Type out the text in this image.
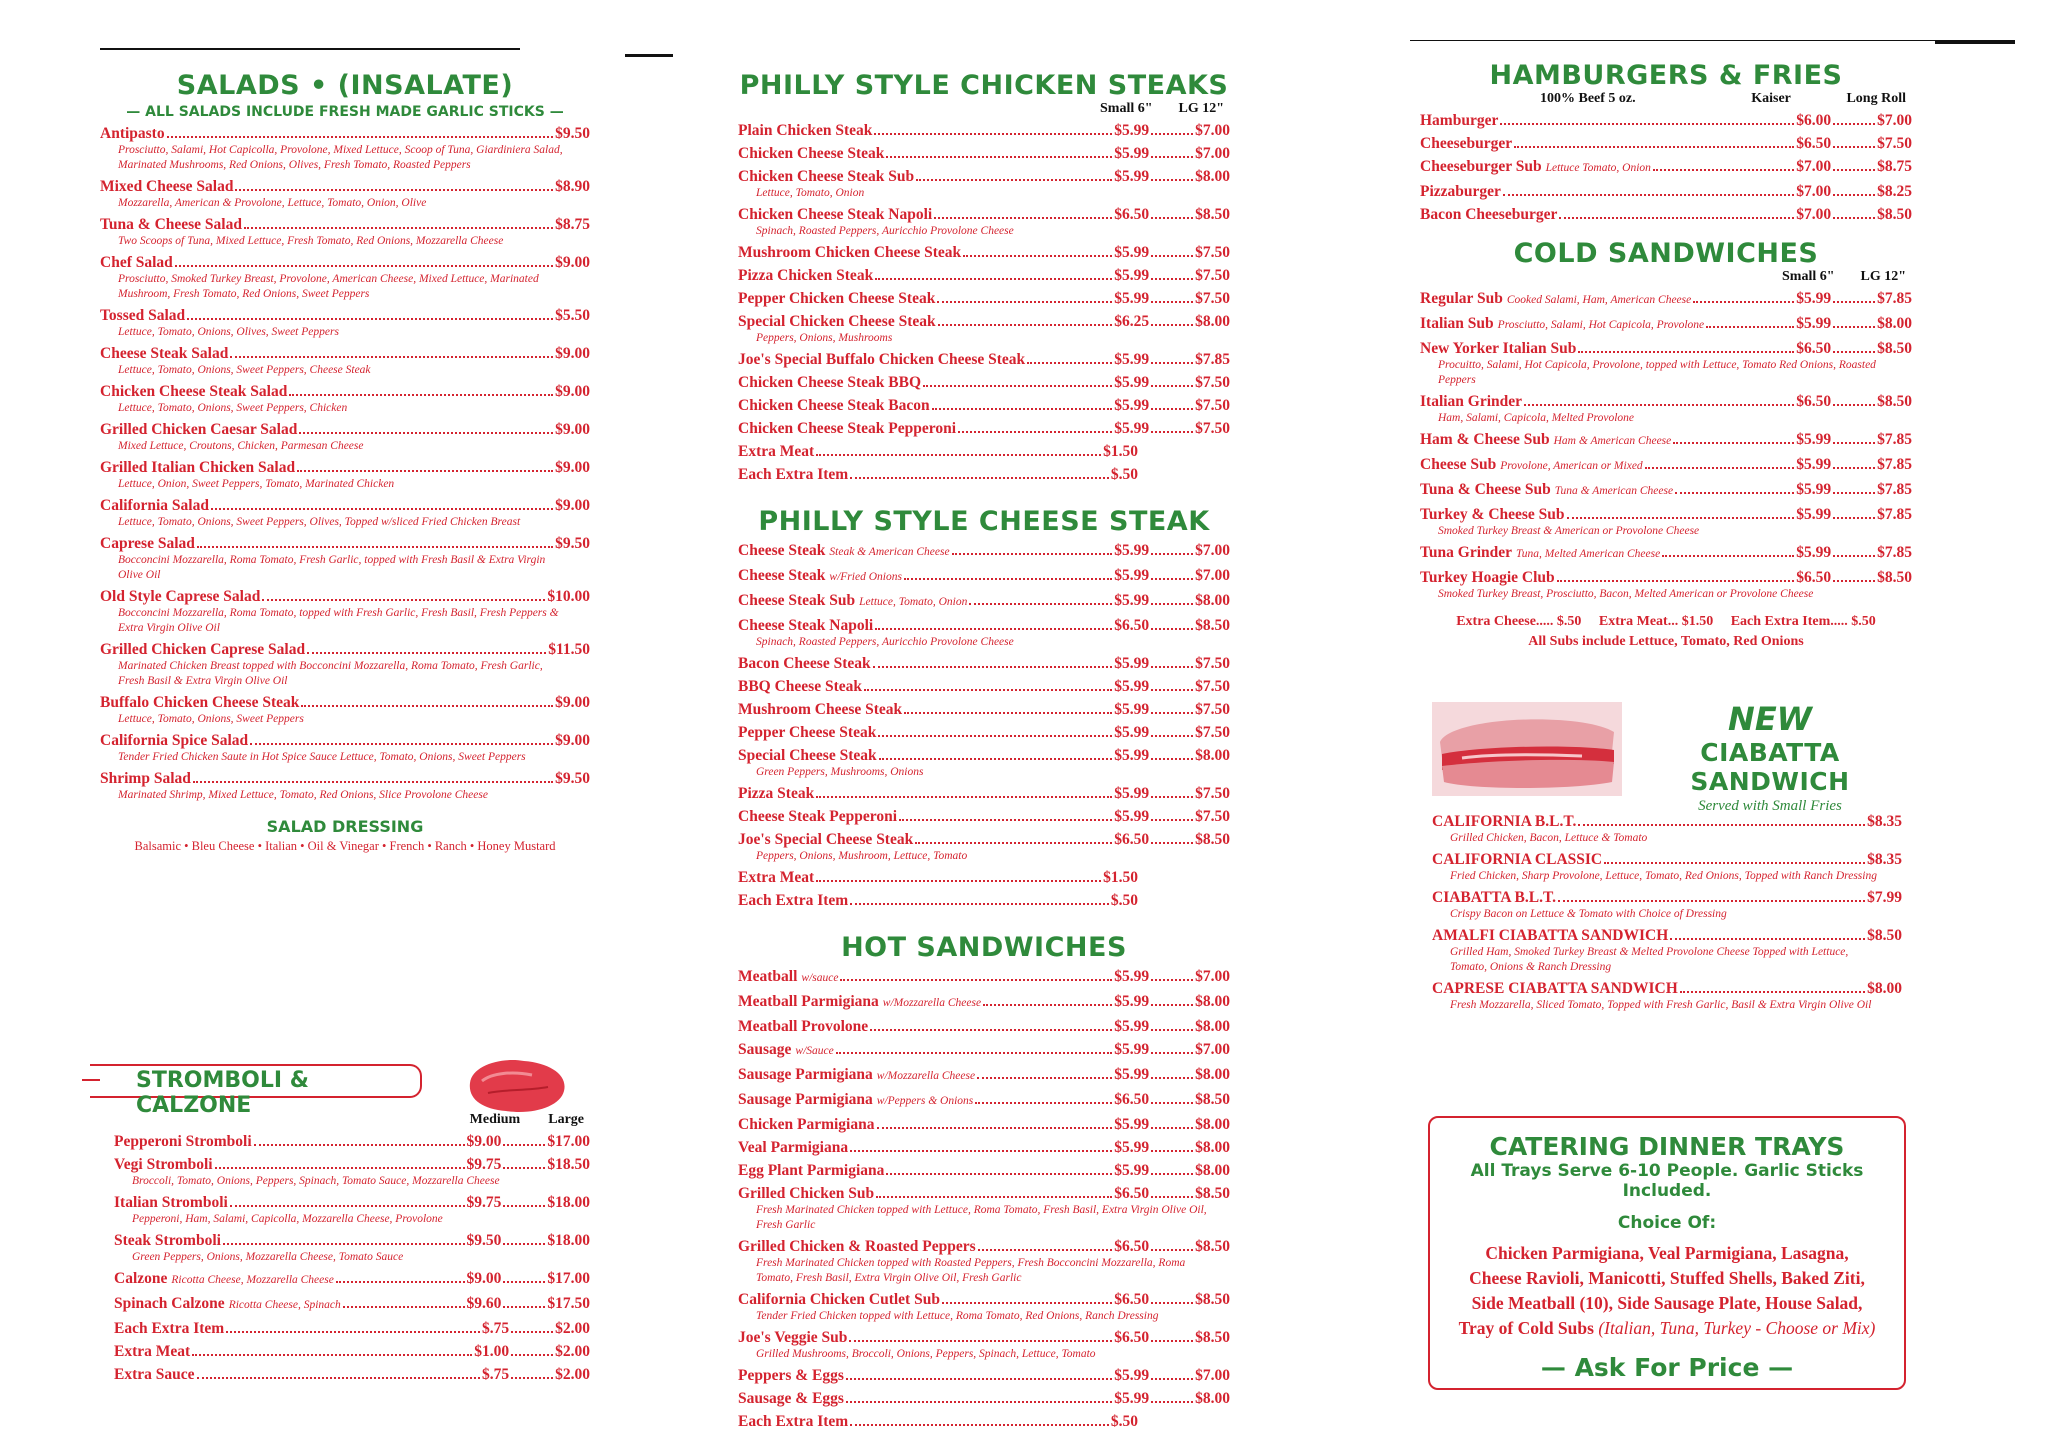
SALADS • (INSALATE)
— ALL SALADS INCLUDE FRESH MADE GARLIC STICKS —
Antipasto	$9.50
Prosciutto, Salami, Hot Capicolla, Provolone, Mixed Lettuce, Scoop of Tuna, Giardiniera Salad, Marinated Mushrooms, Red Onions, Olives, Fresh Tomato, Roasted Peppers
Mixed Cheese Salad	$8.90
Mozzarella, American & Provolone, Lettuce, Tomato, Onion, Olive
Tuna & Cheese Salad	$8.75
Two Scoops of Tuna, Mixed Lettuce, Fresh Tomato, Red Onions, Mozzarella Cheese
Chef Salad	$9.00
Prosciutto, Smoked Turkey Breast, Provolone, American Cheese, Mixed Lettuce, Marinated Mushroom, Fresh Tomato, Red Onions, Sweet Peppers
Tossed Salad	$5.50
Lettuce, Tomato, Onions, Olives, Sweet Peppers
Cheese Steak Salad	$9.00
Lettuce, Tomato, Onions, Sweet Peppers, Cheese Steak
Chicken Cheese Steak Salad	$9.00
Lettuce, Tomato, Onions, Sweet Peppers, Chicken
Grilled Chicken Caesar Salad	$9.00
Mixed Lettuce, Croutons, Chicken, Parmesan Cheese
Grilled Italian Chicken Salad	$9.00
Lettuce, Onion, Sweet Peppers, Tomato, Marinated Chicken
California Salad	$9.00
Lettuce, Tomato, Onions, Sweet Peppers, Olives, Topped w/sliced Fried Chicken Breast
Caprese Salad	$9.50
Bocconcini Mozzarella, Roma Tomato, Fresh Garlic, topped with Fresh Basil & Extra Virgin Olive Oil
Old Style Caprese Salad	$10.00
Bocconcini Mozzarella, Roma Tomato, topped with Fresh Garlic, Fresh Basil, Fresh Peppers & Extra Virgin Olive Oil
Grilled Chicken Caprese Salad	$11.50
Marinated Chicken Breast topped with Bocconcini Mozzarella, Roma Tomato, Fresh Garlic, Fresh Basil & Extra Virgin Olive Oil
Buffalo Chicken Cheese Steak	$9.00
Lettuce, Tomato, Onions, Sweet Peppers
California Spice Salad	$9.00
Tender Fried Chicken Saute in Hot Spice Sauce Lettuce, Tomato, Onions, Sweet Peppers
Shrimp Salad	$9.50
Marinated Shrimp, Mixed Lettuce, Tomato, Red Onions, Slice Provolone Cheese
SALAD DRESSING
Balsamic • Bleu Cheese • Italian • Oil & Vinegar • French • Ranch • Honey Mustard
STROMBOLI & CALZONE
Medium Large
Pepperoni Stromboli	$9.00	$17.00
Vegi Stromboli	$9.75	$18.50
Broccoli, Tomato, Onions, Peppers, Spinach, Tomato Sauce, Mozzarella Cheese
Italian Stromboli	$9.75	$18.00
Pepperoni, Ham, Salami, Capicolla, Mozzarella Cheese, Provolone
Steak Stromboli	$9.50	$18.00
Green Peppers, Onions, Mozzarella Cheese, Tomato Sauce
Calzone Ricotta Cheese, Mozzarella Cheese	$9.00	$17.00
Spinach Calzone Ricotta Cheese, Spinach	$9.60	$17.50
Each Extra Item	$.75	$2.00
Extra Meat	$1.00	$2.00
Extra Sauce	$.75	$2.00
PHILLY STYLE CHICKEN STEAKS
Small 6" LG 12"
Plain Chicken Steak	$5.99	$7.00
Chicken Cheese Steak	$5.99	$7.00
Chicken Cheese Steak Sub	$5.99	$8.00
Lettuce, Tomato, Onion
Chicken Cheese Steak Napoli	$6.50	$8.50
Spinach, Roasted Peppers, Auricchio Provolone Cheese
Mushroom Chicken Cheese Steak	$5.99	$7.50
Pizza Chicken Steak	$5.99	$7.50
Pepper Chicken Cheese Steak	$5.99	$7.50
Special Chicken Cheese Steak	$6.25	$8.00
Peppers, Onions, Mushrooms
Joe's Special Buffalo Chicken Cheese Steak	$5.99	$7.85
Chicken Cheese Steak BBQ	$5.99	$7.50
Chicken Cheese Steak Bacon	$5.99	$7.50
Chicken Cheese Steak Pepperoni	$5.99	$7.50
Extra Meat	$1.50
Each Extra Item	$.50
PHILLY STYLE CHEESE STEAK
Cheese Steak Steak & American Cheese	$5.99	$7.00
Cheese Steak w/Fried Onions	$5.99	$7.00
Cheese Steak Sub Lettuce, Tomato, Onion	$5.99	$8.00
Cheese Steak Napoli	$6.50	$8.50
Spinach, Roasted Peppers, Auricchio Provolone Cheese
Bacon Cheese Steak	$5.99	$7.50
BBQ Cheese Steak	$5.99	$7.50
Mushroom Cheese Steak	$5.99	$7.50
Pepper Cheese Steak	$5.99	$7.50
Special Cheese Steak	$5.99	$8.00
Green Peppers, Mushrooms, Onions
Pizza Steak	$5.99	$7.50
Cheese Steak Pepperoni	$5.99	$7.50
Joe's Special Cheese Steak	$6.50	$8.50
Peppers, Onions, Mushroom, Lettuce, Tomato
Extra Meat	$1.50
Each Extra Item	$.50
HOT SANDWICHES
Meatball w/sauce	$5.99	$7.00
Meatball Parmigiana w/Mozzarella Cheese	$5.99	$8.00
Meatball Provolone	$5.99	$8.00
Sausage w/Sauce	$5.99	$7.00
Sausage Parmigiana w/Mozzarella Cheese	$5.99	$8.00
Sausage Parmigiana w/Peppers & Onions	$6.50	$8.50
Chicken Parmigiana	$5.99	$8.00
Veal Parmigiana	$5.99	$8.00
Egg Plant Parmigiana	$5.99	$8.00
Grilled Chicken Sub	$6.50	$8.50
Fresh Marinated Chicken topped with Lettuce, Roma Tomato, Fresh Basil, Extra Virgin Olive Oil, Fresh Garlic
Grilled Chicken & Roasted Peppers	$6.50	$8.50
Fresh Marinated Chicken topped with Roasted Peppers, Fresh Bocconcini Mozzarella, Roma Tomato, Fresh Basil, Extra Virgin Olive Oil, Fresh Garlic
California Chicken Cutlet Sub	$6.50	$8.50
Tender Fried Chicken topped with Lettuce, Roma Tomato, Red Onions, Ranch Dressing
Joe's Veggie Sub	$6.50	$8.50
Grilled Mushrooms, Broccoli, Onions, Peppers, Spinach, Lettuce, Tomato
Peppers & Eggs	$5.99	$7.00
Sausage & Eggs	$5.99	$8.00
Each Extra Item	$.50
HAMBURGERS & FRIES
100% Beef 5 oz.	Kaiser	Long Roll
Hamburger	$6.00	$7.00
Cheeseburger	$6.50	$7.50
Cheeseburger Sub Lettuce Tomato, Onion	$7.00	$8.75
Pizzaburger	$7.00	$8.25
Bacon Cheeseburger	$7.00	$8.50
COLD SANDWICHES
Small 6" LG 12"
Regular Sub Cooked Salami, Ham, American Cheese	$5.99	$7.85
Italian Sub Prosciutto, Salami, Hot Capicola, Provolone	$5.99	$8.00
New Yorker Italian Sub	$6.50	$8.50
Procuitto, Salami, Hot Capicola, Provolone, topped with Lettuce, Tomato Red Onions, Roasted Peppers
Italian Grinder	$6.50	$8.50
Ham, Salami, Capicola, Melted Provolone
Ham & Cheese Sub Ham & American Cheese	$5.99	$7.85
Cheese Sub Provolone, American or Mixed	$5.99	$7.85
Tuna & Cheese Sub Tuna & American Cheese	$5.99	$7.85
Turkey & Cheese Sub	$5.99	$7.85
Smoked Turkey Breast & American or Provolone Cheese
Tuna Grinder Tuna, Melted American Cheese	$5.99	$7.85
Turkey Hoagie Club	$6.50	$8.50
Smoked Turkey Breast, Prosciutto, Bacon, Melted American or Provolone Cheese
Extra Cheese..... $.50     Extra Meat... $1.50     Each Extra Item..... $.50
All Subs include Lettuce, Tomato, Red Onions
NEW
CIABATTA SANDWICH
Served with Small Fries
CALIFORNIA B.L.T.	$8.35
Grilled Chicken, Bacon, Lettuce & Tomato
CALIFORNIA CLASSIC	$8.35
Fried Chicken, Sharp Provolone, Lettuce, Tomato, Red Onions, Topped with Ranch Dressing
CIABATTA B.L.T.	$7.99
Crispy Bacon on Lettuce & Tomato with Choice of Dressing
AMALFI CIABATTA SANDWICH	$8.50
Grilled Ham, Smoked Turkey Breast & Melted Provolone Cheese Topped with Lettuce, Tomato, Onions & Ranch Dressing
CAPRESE CIABATTA SANDWICH	$8.00
Fresh Mozzarella, Sliced Tomato, Topped with Fresh Garlic, Basil & Extra Virgin Olive Oil
CATERING DINNER TRAYS
All Trays Serve 6-10 People. Garlic Sticks Included.
Choice Of:
Chicken Parmigiana, Veal Parmigiana, Lasagna,
Cheese Ravioli, Manicotti, Stuffed Shells, Baked Ziti,
Side Meatball (10), Side Sausage Plate, House Salad,
Tray of Cold Subs (Italian, Tuna, Turkey - Choose or Mix)
— Ask For Price —
